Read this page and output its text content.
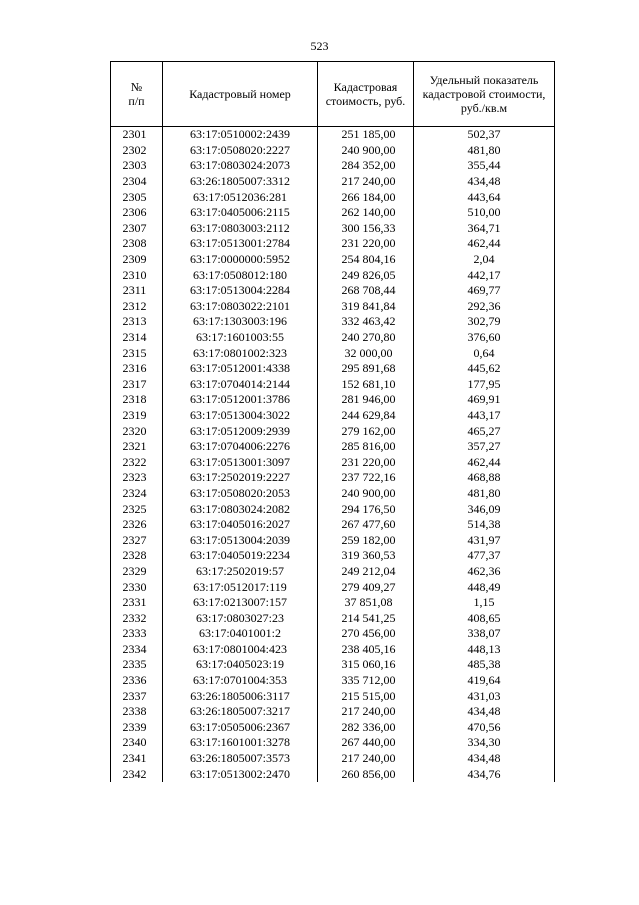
523
№
п/п	Кадастровый номер	Кадастровая стоимость, руб.	Удельный показатель кадастровой стоимости, руб./кв.м
2301	63:17:0510002:2439	251 185,00	502,37
2302	63:17:0508020:2227	240 900,00	481,80
2303	63:17:0803024:2073	284 352,00	355,44
2304	63:26:1805007:3312	217 240,00	434,48
2305	63:17:0512036:281	266 184,00	443,64
2306	63:17:0405006:2115	262 140,00	510,00
2307	63:17:0803003:2112	300 156,33	364,71
2308	63:17:0513001:2784	231 220,00	462,44
2309	63:17:0000000:5952	254 804,16	2,04
2310	63:17:0508012:180	249 826,05	442,17
2311	63:17:0513004:2284	268 708,44	469,77
2312	63:17:0803022:2101	319 841,84	292,36
2313	63:17:1303003:196	332 463,42	302,79
2314	63:17:1601003:55	240 270,80	376,60
2315	63:17:0801002:323	32 000,00	0,64
2316	63:17:0512001:4338	295 891,68	445,62
2317	63:17:0704014:2144	152 681,10	177,95
2318	63:17:0512001:3786	281 946,00	469,91
2319	63:17:0513004:3022	244 629,84	443,17
2320	63:17:0512009:2939	279 162,00	465,27
2321	63:17:0704006:2276	285 816,00	357,27
2322	63:17:0513001:3097	231 220,00	462,44
2323	63:17:2502019:2227	237 722,16	468,88
2324	63:17:0508020:2053	240 900,00	481,80
2325	63:17:0803024:2082	294 176,50	346,09
2326	63:17:0405016:2027	267 477,60	514,38
2327	63:17:0513004:2039	259 182,00	431,97
2328	63:17:0405019:2234	319 360,53	477,37
2329	63:17:2502019:57	249 212,04	462,36
2330	63:17:0512017:119	279 409,27	448,49
2331	63:17:0213007:157	37 851,08	1,15
2332	63:17:0803027:23	214 541,25	408,65
2333	63:17:0401001:2	270 456,00	338,07
2334	63:17:0801004:423	238 405,16	448,13
2335	63:17:0405023:19	315 060,16	485,38
2336	63:17:0701004:353	335 712,00	419,64
2337	63:26:1805006:3117	215 515,00	431,03
2338	63:26:1805007:3217	217 240,00	434,48
2339	63:17:0505006:2367	282 336,00	470,56
2340	63:17:1601001:3278	267 440,00	334,30
2341	63:26:1805007:3573	217 240,00	434,48
2342	63:17:0513002:2470	260 856,00	434,76
